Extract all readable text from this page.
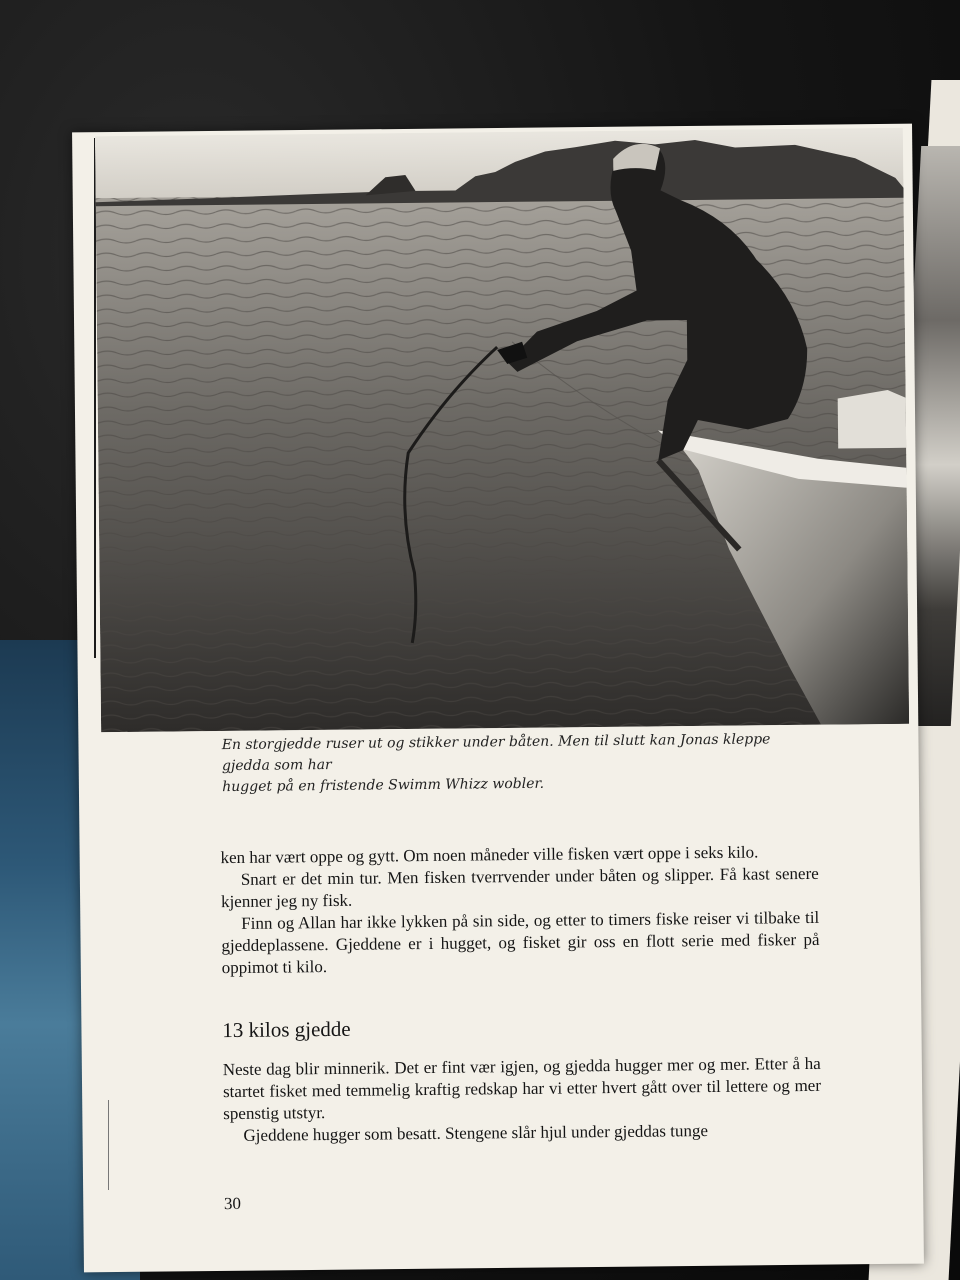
En storgjedde ruser ut og stikker under båten. Men til slutt kan Jonas kleppe gjedda som har
hugget på en fristende Swimm Whizz wobler.

ken har vært oppe og gytt. Om noen måneder ville fisken vært oppe i seks kilo.

Snart er det min tur. Men fisken tverrvender under båten og slipper. Få kast senere kjenner jeg ny fisk.

Finn og Allan har ikke lykken på sin side, og etter to timers fiske reiser vi tilbake til gjeddeplassene. Gjeddene er i hugget, og fisket gir oss en flott serie med fisker på oppimot ti kilo.

13 kilos gjedde

Neste dag blir minnerik. Det er fint vær igjen, og gjedda hugger mer og mer. Etter å ha startet fisket med temmelig kraftig redskap har vi etter hvert gått over til lettere og mer spenstig utstyr.

Gjeddene hugger som besatt. Stengene slår hjul under gjeddas tunge

30
